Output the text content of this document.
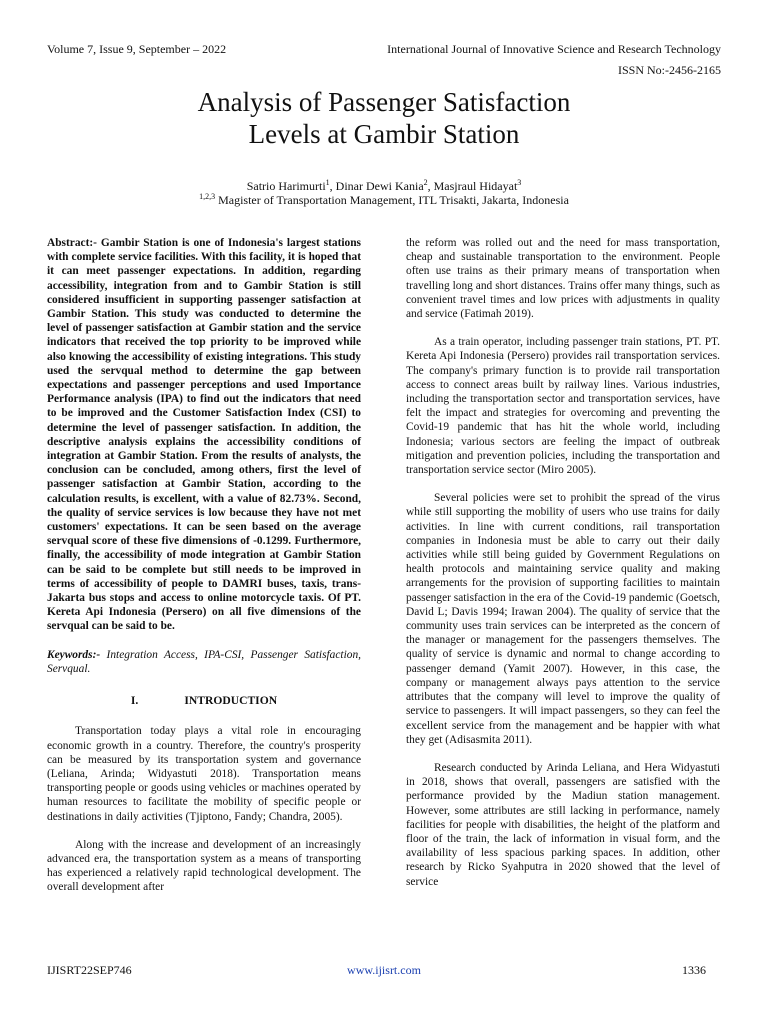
Volume 7, Issue 9, September – 2022	International Journal of Innovative Science and Research Technology
ISSN No:-2456-2165
Analysis of Passenger Satisfaction
Levels at Gambir Station
Satrio Harimurti$^1$, Dinar Dewi Kania$^2$, Masjraul Hidayat$^3$
$^{1,2,3}$ Magister of Transportation Management, ITL Trisakti, Jakarta, Indonesia

Abstract:- Gambir Station is one of Indonesia's largest stations with complete service facilities. With this facility, it is hoped that it can meet passenger expectations. In addition, regarding accessibility, integration from and to Gambir Station is still considered insufficient in supporting passenger satisfaction at Gambir Station. This study was conducted to determine the level of passenger satisfaction at Gambir station and the service indicators that received the top priority to be improved while also knowing the accessibility of existing integrations. This study used the servqual method to determine the gap between expectations and passenger perceptions and used Importance Performance analysis (IPA) to find out the indicators that need to be improved and the Customer Satisfaction Index (CSI) to determine the level of passenger satisfaction. In addition, the descriptive analysis explains the accessibility conditions of integration at Gambir Station. From the results of analysts, the conclusion can be concluded, among others, first the level of passenger satisfaction at Gambir Station, according to the calculation results, is excellent, with a value of 82.73%. Second, the quality of service services is low because they have not met customers' expectations. It can be seen based on the average servqual score of these five dimensions of -0.1299. Furthermore, finally, the accessibility of mode integration at Gambir Station can be said to be complete but still needs to be improved in terms of accessibility of people to DAMRI buses, taxis, trans-Jakarta bus stops and access to online motorcycle taxis. Of PT. Kereta Api Indonesia (Persero) on all five dimensions of the servqual can be said to be.

Keywords:- Integration Access, IPA-CSI, Passenger Satisfaction, Servqual.

I.	INTRODUCTION

Transportation today plays a vital role in encouraging economic growth in a country. Therefore, the country's prosperity can be measured by its transportation system and governance (Leliana, Arinda; Widyastuti 2018). Transportation means transporting people or goods using vehicles or machines operated by human resources to facilitate the mobility of specific people or destinations in daily activities (Tjiptono, Fandy; Chandra, 2005).

Along with the increase and development of an increasingly advanced era, the transportation system as a means of transporting has experienced a relatively rapid technological development. The overall development after

the reform was rolled out and the need for mass transportation, cheap and sustainable transportation to the environment. People often use trains as their primary means of transportation when travelling long and short distances. Trains offer many things, such as convenient travel times and low prices with adjustments in quality and service (Fatimah 2019).

As a train operator, including passenger train stations, PT. PT. Kereta Api Indonesia (Persero) provides rail transportation services. The company's primary function is to provide rail transportation access to connect areas built by railway lines. Various industries, including the transportation sector and transportation services, have felt the impact and strategies for overcoming and preventing the Covid-19 pandemic that has hit the whole world, including Indonesia; various sectors are feeling the impact of outbreak mitigation and prevention policies, including the transportation and transportation service sector (Miro 2005).

Several policies were set to prohibit the spread of the virus while still supporting the mobility of users who use trains for daily activities. In line with current conditions, rail transportation companies in Indonesia must be able to carry out their daily activities while still being guided by Government Regulations on health protocols and maintaining service quality and making arrangements for the provision of supporting facilities to maintain passenger satisfaction in the era of the Covid-19 pandemic (Goetsch, David L; Davis 1994; Irawan 2004). The quality of service that the community uses train services can be interpreted as the concern of the manager or management for the passengers themselves. The quality of service is dynamic and normal to change according to passenger demand (Yamit 2007). However, in this case, the company or management always pays attention to the service attributes that the company will level to improve the quality of service to passengers. It will impact passengers, so they can feel the excellent service from the management and be happier with what they get (Adisasmita 2011).

Research conducted by Arinda Leliana, and Hera Widyastuti in 2018, shows that overall, passengers are satisfied with the performance provided by the Madiun station management. However, some attributes are still lacking in performance, namely facilities for people with disabilities, the height of the platform and floor of the train, the lack of information in visual form, and the availability of less spacious parking spaces. In addition, other research by Ricko Syahputra in 2020 showed that the level of service

IJISRT22SEP746	www.ijisrt.com	1336
